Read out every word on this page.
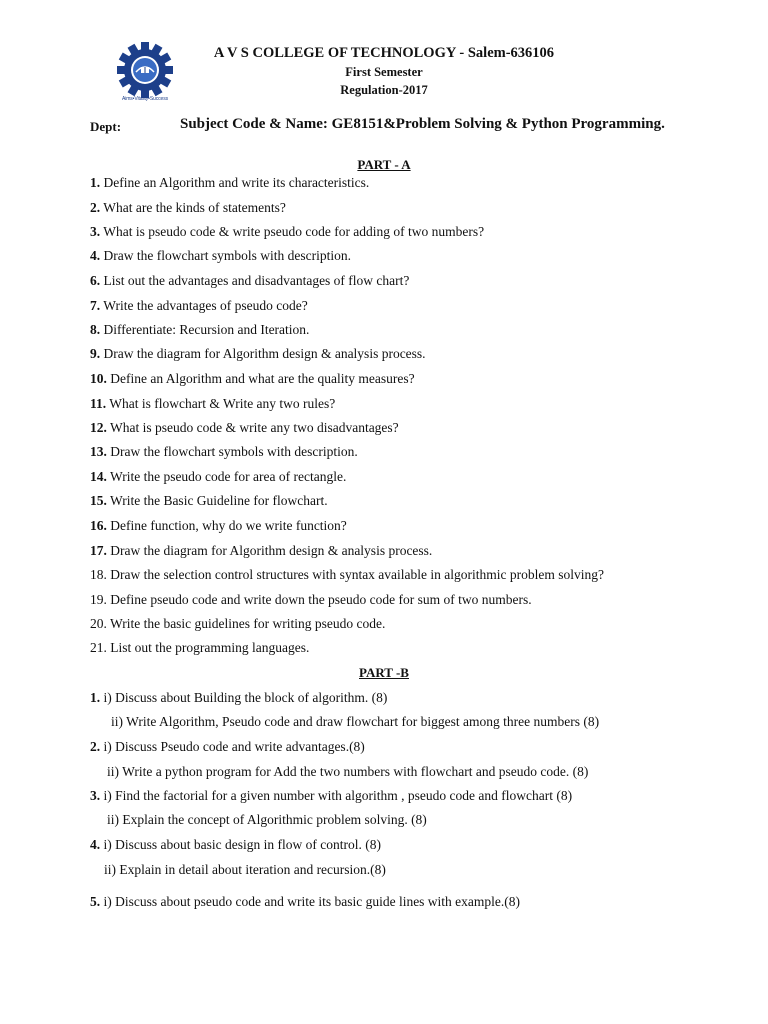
Aims•Vitality•Success
A V S COLLEGE OF TECHNOLOGY - Salem-636106
First Semester
Regulation-2017
Dept:	Subject Code & Name: GE8151&Problem Solving & Python Programming.
PART - A
1. Define an Algorithm and write its characteristics.
2. What are the kinds of statements?
3. What is pseudo code & write pseudo code for adding of two numbers?
4. Draw the flowchart symbols with description.
6. List out the advantages and disadvantages of flow chart?
7. Write the advantages of pseudo code?
8. Differentiate: Recursion and Iteration.
9. Draw the diagram for Algorithm design & analysis process.
10. Define an Algorithm and what are the quality measures?
11. What is flowchart & Write any two rules?
12. What is pseudo code & write any two disadvantages?
13. Draw the flowchart symbols with description.
14. Write the pseudo code for area of rectangle.
15. Write the Basic Guideline for flowchart.
16. Define function, why do we write function?
17. Draw the diagram for Algorithm design & analysis process.
18. Draw the selection control structures with syntax available in algorithmic problem solving?
19. Define pseudo code and write down the pseudo code for sum of two numbers.
20. Write the basic guidelines for writing pseudo code.
21. List out the programming languages.
PART -B
1. i) Discuss about Building the block of algorithm. (8)
ii) Write Algorithm, Pseudo code and draw flowchart for biggest among three numbers (8)
2. i) Discuss Pseudo code and write advantages.(8)
ii) Write a python program for Add the two numbers with flowchart and pseudo code. (8)
3. i) Find the factorial for a given number with algorithm , pseudo code and flowchart (8)
ii) Explain the concept of Algorithmic problem solving. (8)
4. i) Discuss about basic design in flow of control. (8)
ii) Explain in detail about iteration and recursion.(8)
5. i) Discuss about pseudo code and write its basic guide lines with example.(8)
